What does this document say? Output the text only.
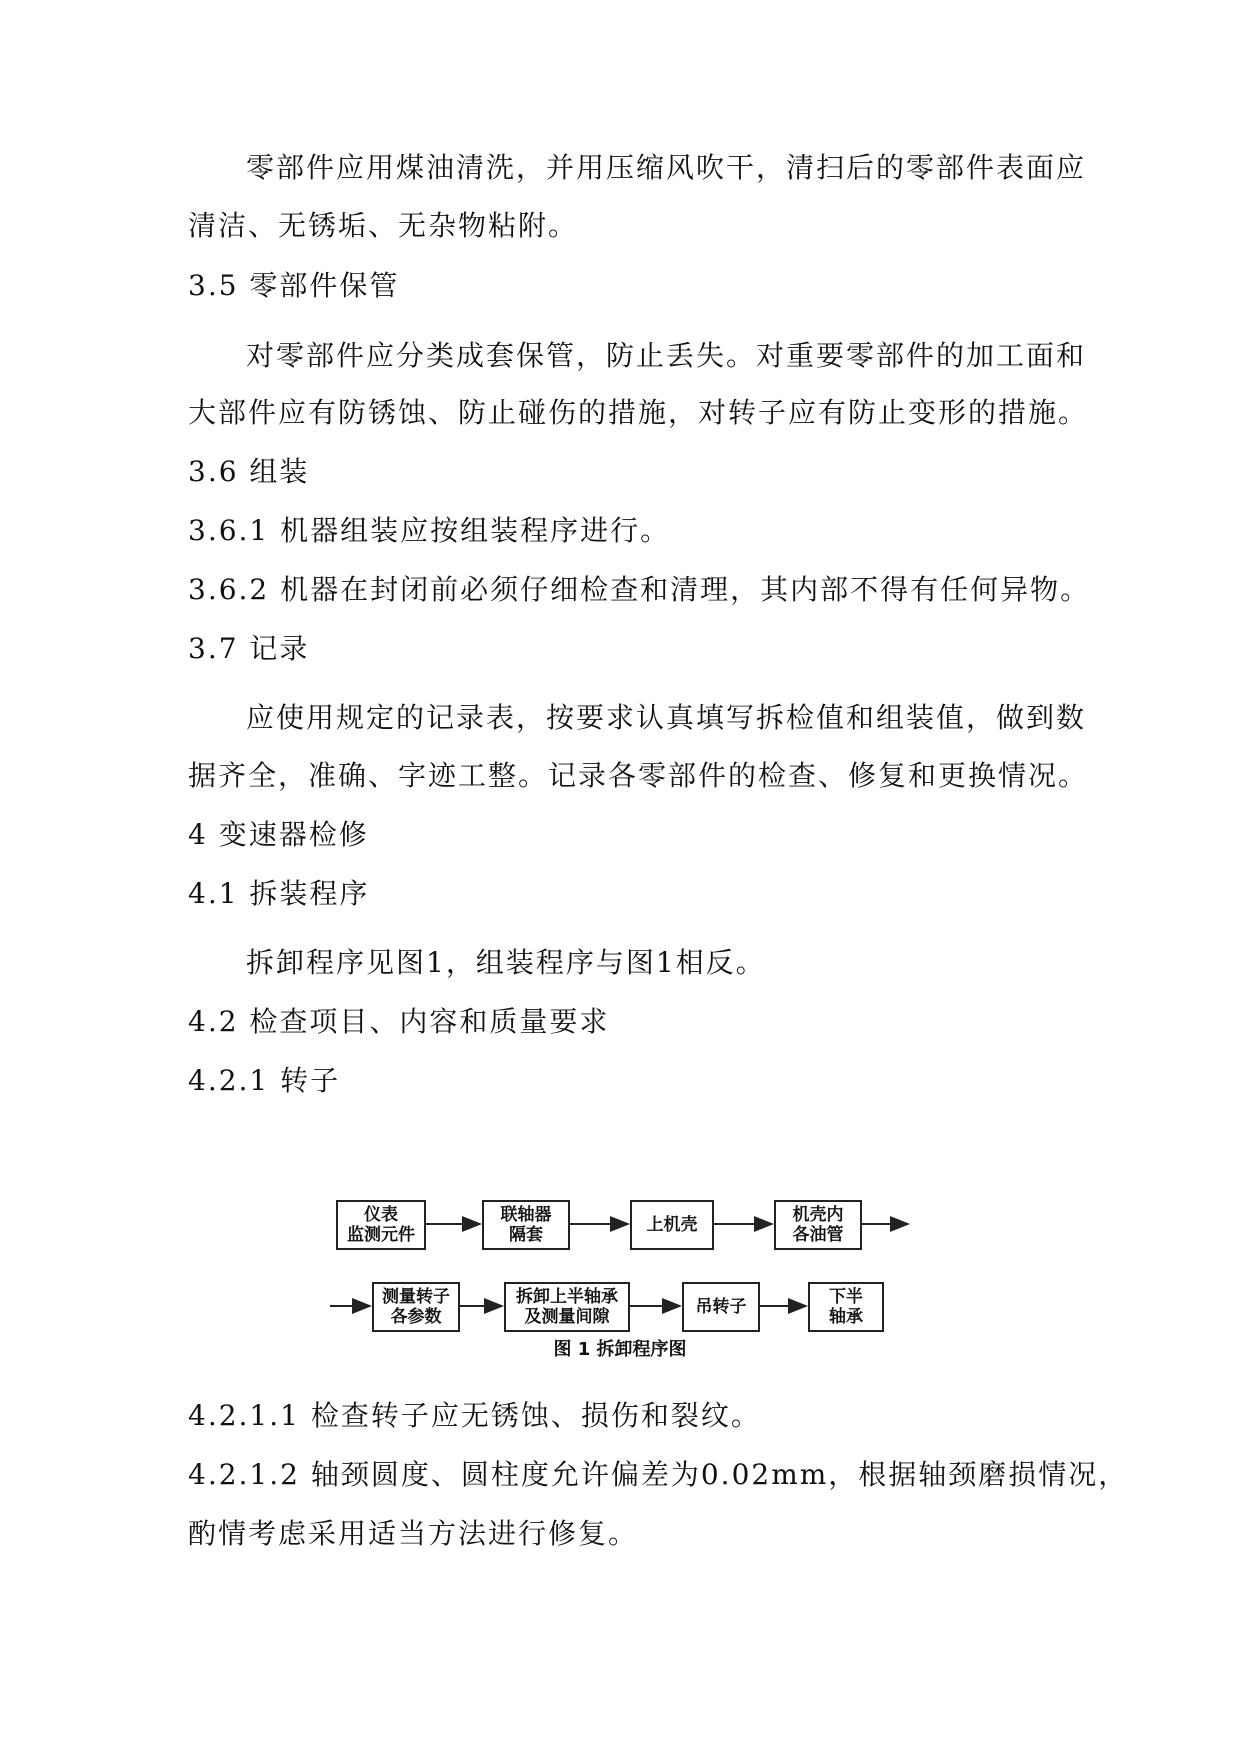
零部件应用煤油清洗，并用压缩风吹干，清扫后的零部件表面应
清洁、无锈垢、无杂物粘附。
3.5 零部件保管
对零部件应分类成套保管，防止丢失。对重要零部件的加工面和
大部件应有防锈蚀、防止碰伤的措施，对转子应有防止变形的措施。
3.6 组装
3.6.1 机器组装应按组装程序进行。
3.6.2 机器在封闭前必须仔细检查和清理，其内部不得有任何异物。
3.7 记录
应使用规定的记录表，按要求认真填写拆检值和组装值，做到数
据齐全，准确、字迹工整。记录各零部件的检查、修复和更换情况。
4 变速器检修
4.1 拆装程序
拆卸程序见图1，组装程序与图1相反。
4.2 检查项目、内容和质量要求
4.2.1 转子
仪表
监测元件
联轴器
隔套	上机壳	机壳内
各油管
测量转子
各参数
拆卸上半轴承
及测量间隙	吊转子	下半
轴承
图 1 拆卸程序图
4.2.1.1 检查转子应无锈蚀、损伤和裂纹。
4.2.1.2 轴颈圆度、圆柱度允许偏差为0.02mm，根据轴颈磨损情况，
酌情考虑采用适当方法进行修复。
